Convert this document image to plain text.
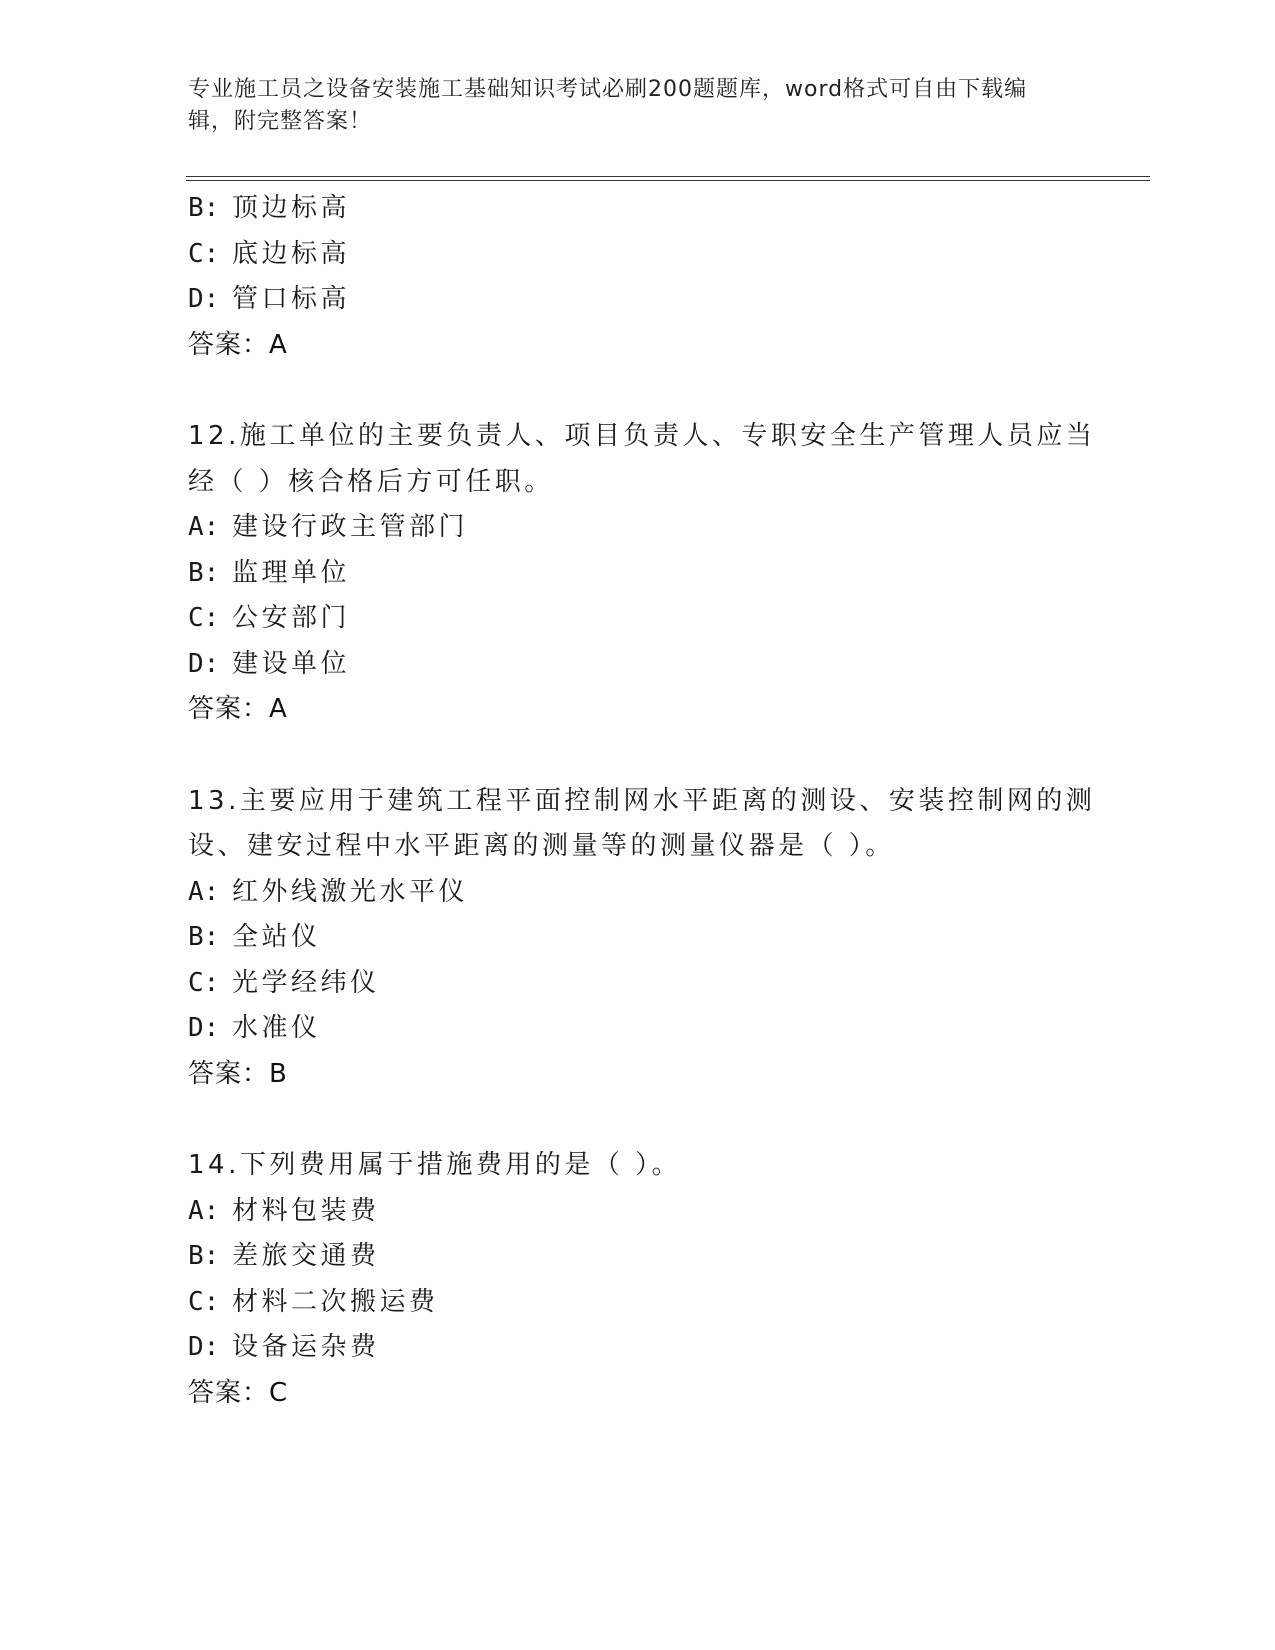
专业施工员之设备安装施工基础知识考试必刷200题题库，word格式可自由下载编辑，附完整答案！
B: 顶边标高
C: 底边标高
D: 管口标高
答案：A
12.施工单位的主要负责人、项目负责人、专职安全生产管理人员应当
经（ ）核合格后方可任职。
A: 建设行政主管部门
B: 监理单位
C: 公安部门
D: 建设单位
答案：A
13.主要应用于建筑工程平面控制网水平距离的测设、安装控制网的测
设、建安过程中水平距离的测量等的测量仪器是（ ）。
A: 红外线激光水平仪
B: 全站仪
C: 光学经纬仪
D: 水准仪
答案：B
14.下列费用属于措施费用的是（ ）。
A: 材料包装费
B: 差旅交通费
C: 材料二次搬运费
D: 设备运杂费
答案：C
